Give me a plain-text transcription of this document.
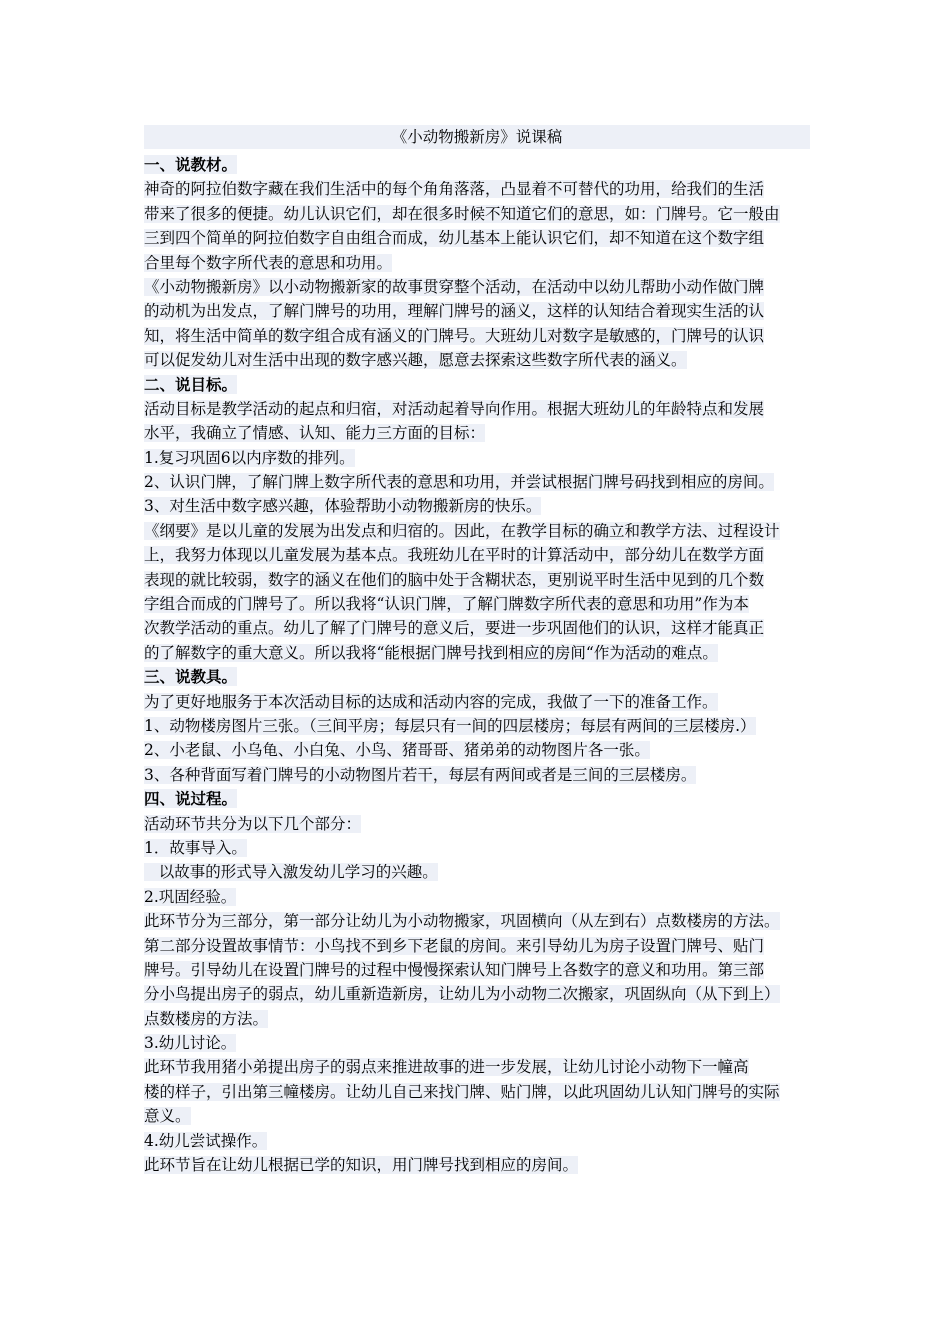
《小动物搬新房》说课稿
一、说教材。
神奇的阿拉伯数字藏在我们生活中的每个角角落落，凸显着不可替代的功用，给我们的生活
带来了很多的便捷。幼儿认识它们，却在很多时候不知道它们的意思，如：门牌号。它一般由
三到四个简单的阿拉伯数字自由组合而成，幼儿基本上能认识它们，却不知道在这个数字组
合里每个数字所代表的意思和功用。
《小动物搬新房》以小动物搬新家的故事贯穿整个活动，在活动中以幼儿帮助小动作做门牌
的动机为出发点，了解门牌号的功用，理解门牌号的涵义，这样的认知结合着现实生活的认
知，将生活中简单的数字组合成有涵义的门牌号。大班幼儿对数字是敏感的，门牌号的认识
可以促发幼儿对生活中出现的数字感兴趣，愿意去探索这些数字所代表的涵义。
二、说目标。
活动目标是教学活动的起点和归宿，对活动起着导向作用。根据大班幼儿的年龄特点和发展
水平，我确立了情感、认知、能力三方面的目标：
1.复习巩固6以内序数的排列。
2、认识门牌，了解门牌上数字所代表的意思和功用，并尝试根据门牌号码找到相应的房间。
3、对生活中数字感兴趣，体验帮助小动物搬新房的快乐。
《纲要》是以儿童的发展为出发点和归宿的。因此，在教学目标的确立和教学方法、过程设计
上，我努力体现以儿童发展为基本点。我班幼儿在平时的计算活动中，部分幼儿在数学方面
表现的就比较弱，数字的涵义在他们的脑中处于含糊状态，更别说平时生活中见到的几个数
字组合而成的门牌号了。所以我将“认识门牌，了解门牌数字所代表的意思和功用”作为本
次教学活动的重点。幼儿了解了门牌号的意义后，要进一步巩固他们的认识，这样才能真正
的了解数字的重大意义。所以我将“能根据门牌号找到相应的房间“作为活动的难点。
三、说教具。
为了更好地服务于本次活动目标的达成和活动内容的完成，我做了一下的准备工作。
1、动物楼房图片三张。（三间平房；每层只有一间的四层楼房；每层有两间的三层楼房.）
2、小老鼠、小乌龟、小白兔、小鸟、猪哥哥、猪弟弟的动物图片各一张。
3、各种背面写着门牌号的小动物图片若干，每层有两间或者是三间的三层楼房。
四、说过程。
活动环节共分为以下几个部分：
1．故事导入。
以故事的形式导入激发幼儿学习的兴趣。
2.巩固经验。
此环节分为三部分，第一部分让幼儿为小动物搬家，巩固横向（从左到右）点数楼房的方法。
第二部分设置故事情节：小鸟找不到乡下老鼠的房间。来引导幼儿为房子设置门牌号、贴门
牌号。引导幼儿在设置门牌号的过程中慢慢探索认知门牌号上各数字的意义和功用。第三部
分小鸟提出房子的弱点，幼儿重新造新房，让幼儿为小动物二次搬家，巩固纵向（从下到上）
点数楼房的方法。
3.幼儿讨论。
此环节我用猪小弟提出房子的弱点来推进故事的进一步发展，让幼儿讨论小动物下一幢高
楼的样子，引出第三幢楼房。让幼儿自己来找门牌、贴门牌，以此巩固幼儿认知门牌号的实际
意义。
4.幼儿尝试操作。
此环节旨在让幼儿根据已学的知识，用门牌号找到相应的房间。
